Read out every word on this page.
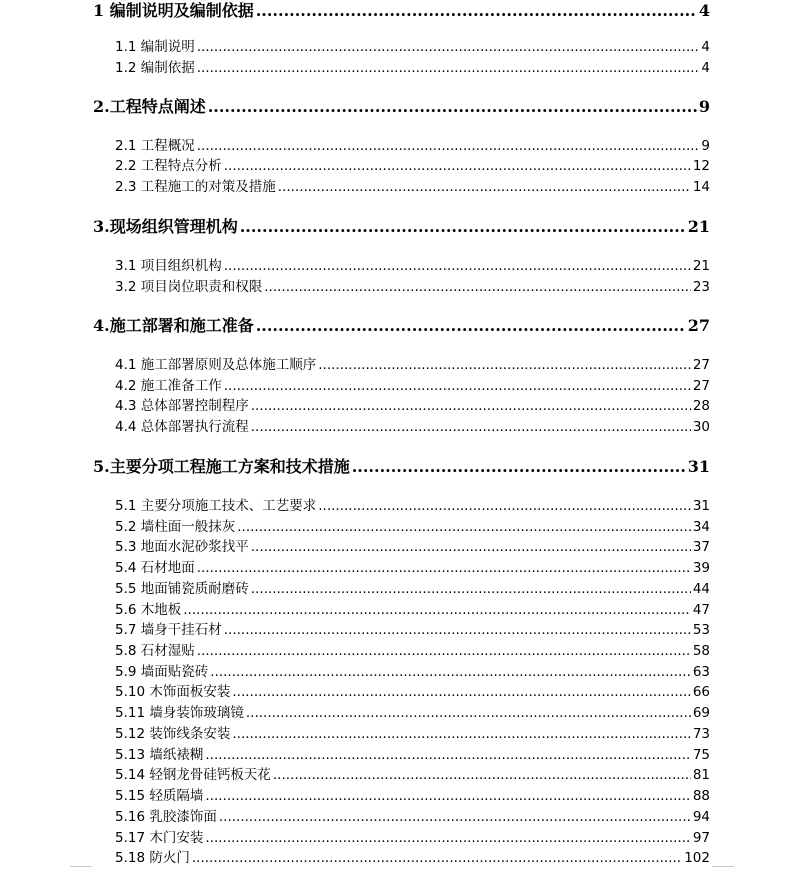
1 编制说明及编制依据 .....	4
1.1 编制说明 .....	4
1.2 编制依据 .....	4
2.工程特点阐述 .....	9
2.1 工程概况 .....	9
2.2 工程特点分析 .....	12
2.3 工程施工的对策及措施 .....	14
3.现场组织管理机构 .....	21
3.1 项目组织机构 .....	21
3.2 项目岗位职责和权限 .....	23
4.施工部署和施工准备 .....	27
4.1 施工部署原则及总体施工顺序 .....	27
4.2 施工准备工作 .....	27
4.3 总体部署控制程序 .....	28
4.4 总体部署执行流程 .....	30
5.主要分项工程施工方案和技术措施 .....	31
5.1 主要分项施工技术、工艺要求 .....	31
5.2 墙柱面一般抹灰 .....	34
5.3 地面水泥砂浆找平 .....	37
5.4 石材地面 .....	39
5.5 地面铺瓷质耐磨砖 .....	44
5.6 木地板 .....	47
5.7 墙身干挂石材 .....	53
5.8 石材湿贴 .....	58
5.9 墙面贴瓷砖 .....	63
5.10 木饰面板安装 .....	66
5.11 墙身装饰玻璃镜 .....	69
5.12 装饰线条安装 .....	73
5.13 墙纸裱糊 .....	75
5.14 轻钢龙骨硅钙板天花 .....	81
5.15 轻质隔墙 .....	88
5.16 乳胶漆饰面 .....	94
5.17 木门安装 .....	97
5.18 防火门 .....	102
